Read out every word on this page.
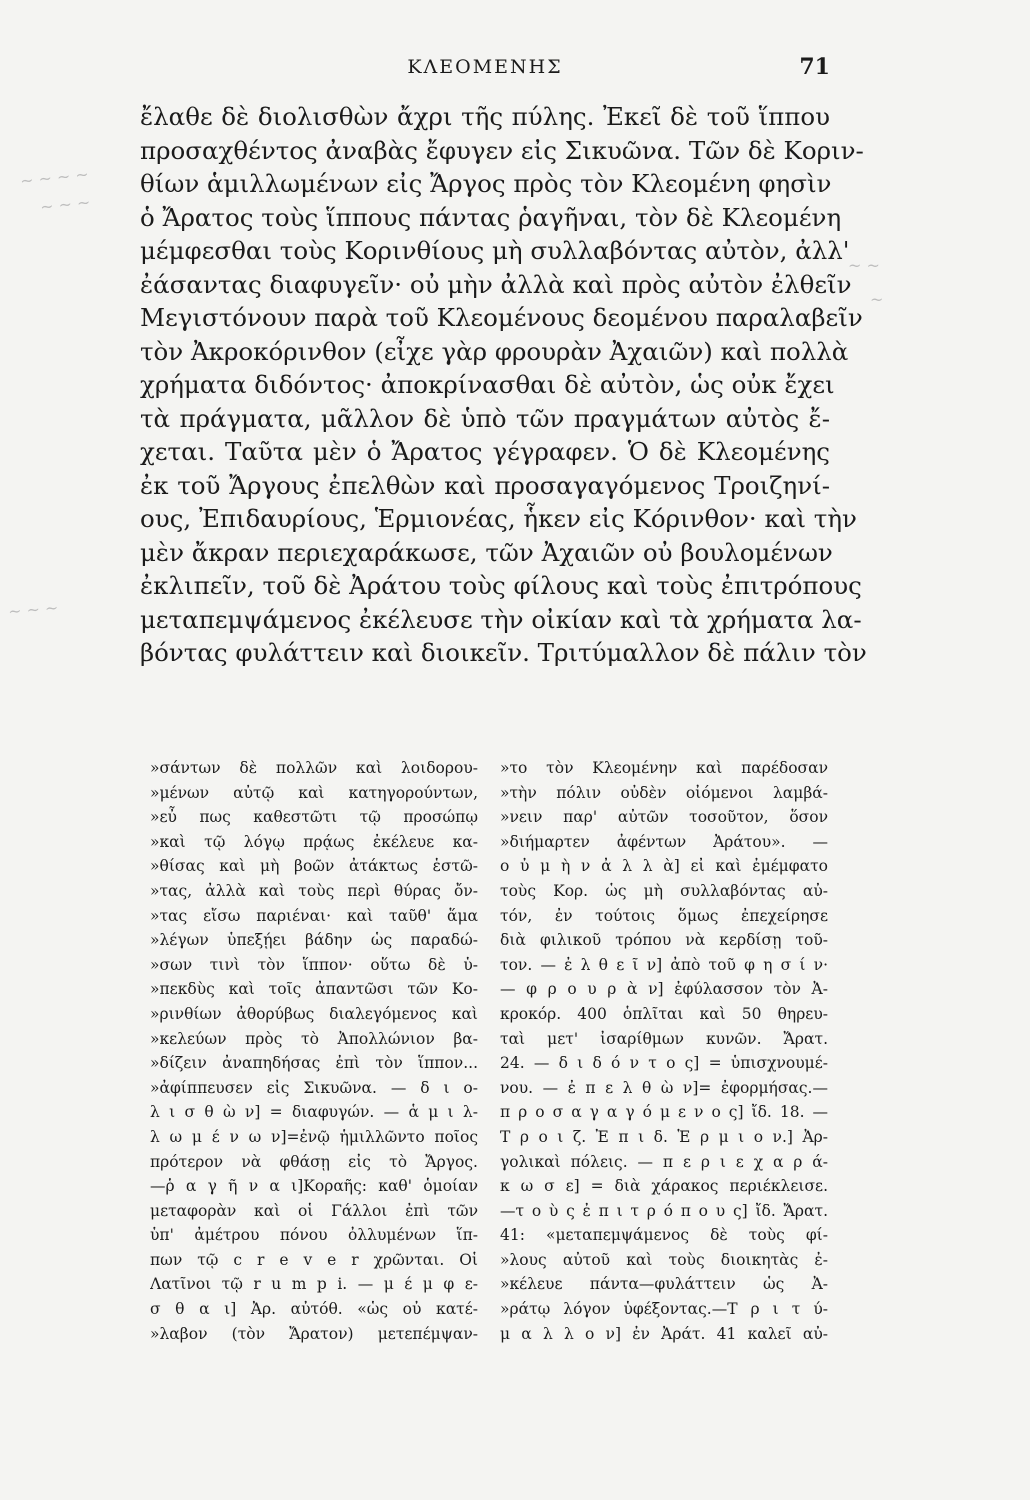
~ ~ ~ ~
~ ~ ~
~ ~ ~
~ ~
~
ΚΛΕΟΜΕΝΗΣ	71
ἔλαθε δὲ διολισθὼν ἄχρι τῆς πύλης. Ἐκεῖ δὲ τοῦ ἵππου
προσαχθέντος ἀναβὰς ἔφυγεν εἰς Σικυῶνα. Τῶν δὲ Κοριν-
θίων ἁμιλλωμένων εἰς Ἄργος πρὸς τὸν Κλεομένη φησὶν
ὁ Ἄρατος τοὺς ἵππους πάντας ῥαγῆναι, τὸν δὲ Κλεομένη
μέμφεσθαι τοὺς Κορινθίους μὴ συλλαβόντας αὐτὸν, ἀλλ'
ἐάσαντας διαφυγεῖν· οὐ μὴν ἀλλὰ καὶ πρὸς αὐτὸν ἐλθεῖν
Μεγιστόνουν παρὰ τοῦ Κλεομένους δεομένου παραλαβεῖν
τὸν Ἀκροκόρινθον (εἶχε γὰρ φρουρὰν Ἀχαιῶν) καὶ πολλὰ
χρήματα διδόντος· ἀποκρίνασθαι δὲ αὐτὸν, ὡς οὐκ ἔχει
τὰ πράγματα, μᾶλλον δὲ ὑπὸ τῶν πραγμάτων αὐτὸς ἔ-
χεται. Ταῦτα μὲν ὁ Ἄρατος γέγραφεν. Ὁ δὲ Κλεομένης
ἐκ τοῦ Ἄργους ἐπελθὼν καὶ προσαγαγόμενος Τροιζηνί-
ους, Ἐπιδαυρίους, Ἑρμιονέας, ἧκεν εἰς Κόρινθον· καὶ τὴν
μὲν ἄκραν περιεχαράκωσε, τῶν Ἀχαιῶν οὐ βουλομένων
ἐκλιπεῖν, τοῦ δὲ Ἀράτου τοὺς φίλους καὶ τοὺς ἐπιτρόπους
μεταπεμψάμενος ἐκέλευσε τὴν οἰκίαν καὶ τὰ χρήματα λα-
βόντας φυλάττειν καὶ διοικεῖν. Τριτύμαλλον δὲ πάλιν τὸν
»σάντων δὲ πολλῶν καὶ λοιδορου-
»μένων αὐτῷ καὶ κατηγορούντων,
»εὖ πως καθεστῶτι τῷ προσώπῳ
»καὶ τῷ λόγῳ πρᾴως ἐκέλευε κα-
»θίσας καὶ μὴ βοῶν ἀτάκτως ἑστῶ-
»τας, ἀλλὰ καὶ τοὺς περὶ θύρας ὄν-
»τας εἴσω παριέναι· καὶ ταῦθ' ἅμα
»λέγων ὑπεξῄει βάδην ὡς παραδώ-
»σων τινὶ τὸν ἵππον· οὕτω δὲ ὑ-
»πεκδὺς καὶ τοῖς ἀπαντῶσι τῶν Κο-
»ρινθίων ἀθορύβως διαλεγόμενος καὶ
»κελεύων πρὸς τὸ Ἀπολλώνιον βα-
»δίζειν ἀναπηδήσας ἐπὶ τὸν ἵππον...
»ἀφίππευσεν εἰς Σικυῶνα. — δ ι ο-
λ ι σ θ ὼ ν] = διαφυγών. — ἁ μ ι λ-
λ ω μ έ ν ω ν]=ἐνῷ ἡμιλλῶντο ποῖος
πρότερον νὰ φθάσῃ εἰς τὸ Ἄργος.
—ῥ α γ ῆ ν α ι]Κοραῆς: καθ' ὁμοίαν
μεταφορὰν καὶ οἱ Γάλλοι ἐπὶ τῶν
ὑπ' ἀμέτρου πόνου ὀλλυμένων ἵπ-
πων τῷ c r e v e r χρῶνται. Οἱ
Λατῖνοι τῷ r u m p i. — μ έ μ φ ε-
σ θ α ι] Ἀρ. αὐτόθ. «ὡς οὐ κατέ-
»λαβον (τὸν Ἄρατον) μετεπέμψαν-
»το τὸν Κλεομένην καὶ παρέδοσαν
»τὴν πόλιν οὐδὲν οἰόμενοι λαμβά-
»νειν παρ' αὐτῶν τοσοῦτον, ὅσον
»διήμαρτεν ἀφέντων Ἀράτου». —
ο ὐ μ ὴ ν ἀ λ λ ὰ] εἰ καὶ ἐμέμφατο
τοὺς Κορ. ὡς μὴ συλλαβόντας αὐ-
τόν, ἐν τούτοις ὅμως ἐπεχείρησε
διὰ φιλικοῦ τρόπου νὰ κερδίσῃ τοῦ-
τον. — ἐ λ θ ε ῖ ν] ἀπὸ τοῦ φ η σ ί ν·
— φ ρ ο υ ρ ὰ ν] ἐφύλασσον τὸν Ἀ-
κροκόρ. 400 ὁπλῖται καὶ 50 θηρευ-
ταὶ μετ' ἰσαρίθμων κυνῶν. Ἄρατ.
24. — δ ι δ ό ν τ ο ς] = ὑπισχνουμέ-
νου. — ἐ π ε λ θ ὼ ν]= ἐφορμήσας.—
π ρ ο σ α γ α γ ό μ ε ν ο ς] ἴδ. 18. —
Τ ρ ο ι ζ. Ἐ π ι δ. Ἑ ρ μ ι ο ν.] Ἀρ-
γολικαὶ πόλεις. — π ε ρ ι ε χ α ρ ά-
κ ω σ ε] = διὰ χάρακος περιέκλεισε.
—τ ο ὺ ς ἐ π ι τ ρ ό π ο υ ς] ἴδ. Ἄρατ.
41: «μεταπεμψάμενος δὲ τοὺς φί-
»λους αὐτοῦ καὶ τοὺς διοικητὰς ἐ-
»κέλευε πάντα—φυλάττειν ὡς Ἀ-
»ράτῳ λόγον ὑφέξοντας.—Τ ρ ι τ ύ-
μ α λ λ ο ν] ἐν Ἀράτ. 41 καλεῖ αὐ-
